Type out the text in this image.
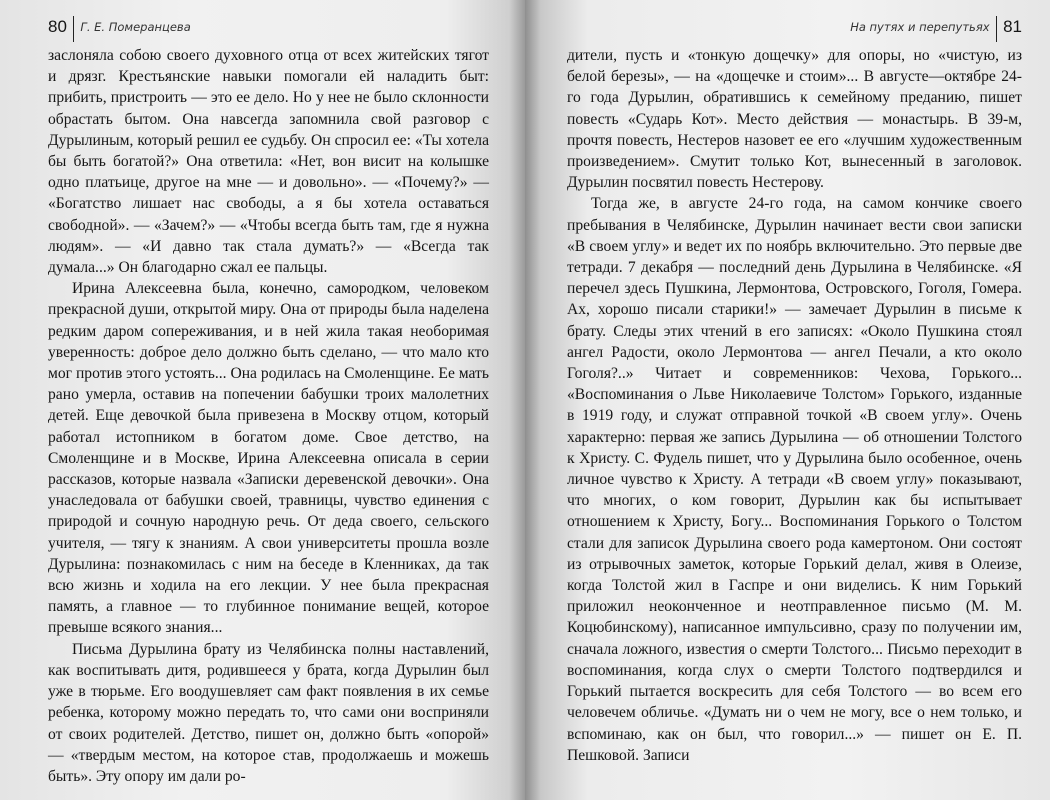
80 Г. Е. Померанцева

заслоняла собою своего духовного отца от всех житейских тягот и дрязг. Крестьянские навыки помогали ей наладить быт: прибить, пристроить — это ее дело. Но у нее не было склонности обрастать бытом. Она навсегда запомнила свой разговор с Дурылиным, который решил ее судьбу. Он спросил ее: «Ты хотела бы быть богатой?» Она ответила: «Нет, вон висит на колышке одно платьице, другое на мне — и довольно». — «Почему?» — «Богатство лишает нас свободы, а я бы хотела оставаться свободной». — «Зачем?» — «Чтобы всегда быть там, где я нужна людям». — «И давно так стала думать?» — «Всегда так думала...» Он благодарно сжал ее пальцы.

Ирина Алексеевна была, конечно, самородком, человеком прекрасной души, открытой миру. Она от природы была наделена редким даром сопереживания, и в ней жила такая необоримая уверенность: доброе дело должно быть сделано, — что мало кто мог против этого устоять... Она родилась на Смоленщине. Ее мать рано умерла, оставив на попечении бабушки троих малолетних детей. Еще девочкой была привезена в Москву отцом, который работал истопником в богатом доме. Свое детство, на Смоленщине и в Москве, Ирина Алексеевна описала в серии рассказов, которые назвала «Записки деревенской девочки». Она унаследовала от бабушки своей, травницы, чувство единения с природой и сочную народную речь. От деда своего, сельского учителя, — тягу к знаниям. А свои университеты прошла возле Дурылина: познакомилась с ним на беседе в Кленниках, да так всю жизнь и ходила на его лекции. У нее была прекрасная память, а главное — то глубинное понимание вещей, которое превыше всякого знания...

Письма Дурылина брату из Челябинска полны наставлений, как воспитывать дитя, родившееся у брата, когда Дурылин был уже в тюрьме. Его воодушевляет сам факт появления в их семье ребенка, которому можно передать то, что сами они восприняли от своих родителей. Детство, пишет он, должно быть «опорой» — «твердым местом, на которое став, продолжаешь и можешь быть». Эту опору им дали ро-

На путях и перепутьях 81

дители, пусть и «тонкую дощечку» для опоры, но «чистую, из белой березы», — на «дощечке и стоим»... В августе—октябре 24-го года Дурылин, обратившись к семейному преданию, пишет повесть «Сударь Кот». Место действия — монастырь. В 39-м, прочтя повесть, Нестеров назовет ее его «лучшим художественным произведением». Смутит только Кот, вынесенный в заголовок. Дурылин посвятил повесть Нестерову.

Тогда же, в августе 24-го года, на самом кончике своего пребывания в Челябинске, Дурылин начинает вести свои записки «В своем углу» и ведет их по ноябрь включительно. Это первые две тетради. 7 декабря — последний день Дурылина в Челябинске. «Я перечел здесь Пушкина, Лермонтова, Островского, Гоголя, Гомера. Ах, хорошо писали старики!» — замечает Дурылин в письме к брату. Следы этих чтений в его записях: «Около Пушкина стоял ангел Радости, около Лермонтова — ангел Печали, а кто около Гоголя?..» Читает и современников: Чехова, Горького... «Воспоминания о Льве Николаевиче Толстом» Горького, изданные в 1919 году, и служат отправной точкой «В своем углу». Очень характерно: первая же запись Дурылина — об отношении Толстого к Христу. С. Фудель пишет, что у Дурылина было особенное, очень личное чувство к Христу. А тетради «В своем углу» показывают, что многих, о ком говорит, Дурылин как бы испытывает отношением к Христу, Богу... Воспоминания Горького о Толстом стали для записок Дурылина своего рода камертоном. Они состоят из отрывочных заметок, которые Горький делал, живя в Олеизе, когда Толстой жил в Гаспре и они виделись. К ним Горький приложил неоконченное и неотправленное письмо (М. М. Коцюбинскому), написанное импульсивно, сразу по получении им, сначала ложного, известия о смерти Толстого... Письмо переходит в воспоминания, когда слух о смерти Толстого подтвердился и Горький пытается воскресить для себя Толстого — во всем его человечем обличье. «Думать ни о чем не могу, все о нем только, и вспоминаю, как он был, что говорил...» — пишет он Е. П. Пешковой. Записи
